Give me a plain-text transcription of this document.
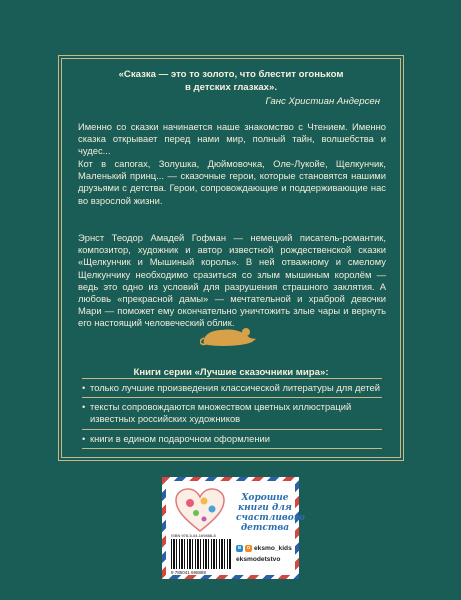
«Сказка — это то золото, что блестит огоньком
в детских глазках».
Ганс Христиан Андерсен

Именно со сказки начинается наше знакомство с Чтением. Именно сказка открывает перед нами мир, полный тайн, волшебства и чудес...

Кот в сапогах, Золушка, Дюймовочка, Оле-Лукойе, Щелкунчик, Маленький принц... — сказочные герои, которые становятся нашими друзьями с детства. Герои, сопровождающие и поддерживающие нас во взрослой жизни.

Эрнст Теодор Амадей Гофман — немецкий писатель-романтик, композитор, художник и автор известной рождественской сказки «Щелкунчик и Мышиный король». В ней отважному и смелому Щелкунчику необходимо сразиться со злым мышиным королём — ведь это одно из условий для разрушения страшного заклятия. А любовь «прекрасной дамы» — мечтательной и храброй девочки Мари — поможет ему окончательно уничтожить злые чары и вернуть его настоящий человеческий облик.

Книги серии «Лучшие сказочники мира»:
• только лучшие произведения классической литературы для детей
• тексты сопровождаются множеством цветных иллюстраций известных российских художников
• книги в едином подарочном оформлении
Хорошие книги для счастливого детства
ISBN 978-5-04-169888-8
9 785041 698888
в	о eksmo_kids
eksmodetstvo
